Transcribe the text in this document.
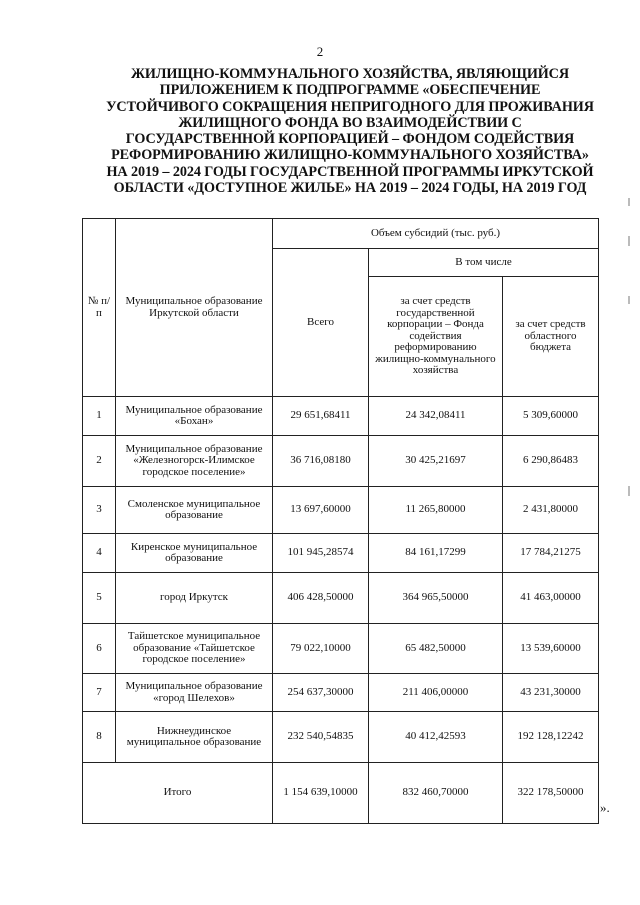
2
ЖИЛИЩНО-КОММУНАЛЬНОГО ХОЗЯЙСТВА, ЯВЛЯЮЩИЙСЯ
ПРИЛОЖЕНИЕМ К ПОДПРОГРАММЕ «ОБЕСПЕЧЕНИЕ
УСТОЙЧИВОГО СОКРАЩЕНИЯ НЕПРИГОДНОГО ДЛЯ ПРОЖИВАНИЯ
ЖИЛИЩНОГО ФОНДА ВО ВЗАИМОДЕЙСТВИИ С
ГОСУДАРСТВЕННОЙ КОРПОРАЦИЕЙ – ФОНДОМ СОДЕЙСТВИЯ
РЕФОРМИРОВАНИЮ ЖИЛИЩНО-КОММУНАЛЬНОГО ХОЗЯЙСТВА»
НА 2019 – 2024 ГОДЫ ГОСУДАРСТВЕННОЙ ПРОГРАММЫ ИРКУТСКОЙ
ОБЛАСТИ «ДОСТУПНОЕ ЖИЛЬЕ» НА 2019 – 2024 ГОДЫ, НА 2019 ГОД
№ п/п	Муниципальное образование Иркутской области	Объем субсидий (тыс. руб.)		
		Всего	В том числе	
			за счет средств государственной корпорации – Фонда содействия реформированию жилищно-коммунального хозяйства	за счет средств областного бюджета
1	Муниципальное образование «Бохан»	29 651,68411	24 342,08411	5 309,60000
2	Муниципальное образование «Железногорск-Илимское городское поселение»	36 716,08180	30 425,21697	6 290,86483
3	Смоленское муниципальное образование	13 697,60000	11 265,80000	2 431,80000
4	Киренское муниципальное образование	101 945,28574	84 161,17299	17 784,21275
5	город Иркутск	406 428,50000	364 965,50000	41 463,00000
6	Тайшетское муниципальное образование «Тайшетское городское поселение»	79 022,10000	65 482,50000	13 539,60000
7	Муниципальное образование «город Шелехов»	254 637,30000	211 406,00000	43 231,30000
8	Нижнеудинское муниципальное образование	232 540,54835	40 412,42593	192 128,12242
Итого		1 154 639,10000	832 460,70000	322 178,50000
».
